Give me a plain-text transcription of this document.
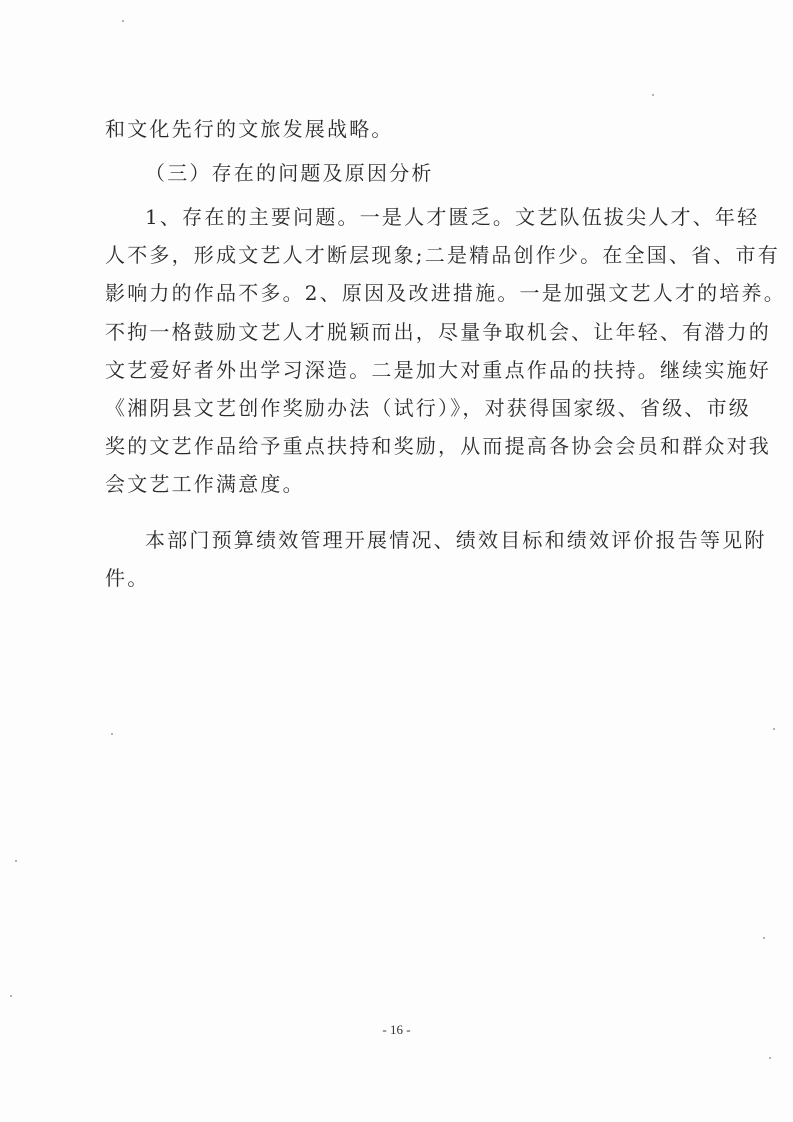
和文化先行的文旅发展战略。
（三）存在的问题及原因分析
1、存在的主要问题。一是人才匮乏。文艺队伍拔尖人才、年轻
人不多，形成文艺人才断层现象;二是精品创作少。在全国、省、市有
影响力的作品不多。2、原因及改进措施。一是加强文艺人才的培养。
不拘一格鼓励文艺人才脱颖而出，尽量争取机会、让年轻、有潜力的
文艺爱好者外出学习深造。二是加大对重点作品的扶持。继续实施好
《湘阴县文艺创作奖励办法（试行）》，对获得国家级、省级、市级
奖的文艺作品给予重点扶持和奖励，从而提高各协会会员和群众对我
会文艺工作满意度。
本部门预算绩效管理开展情况、绩效目标和绩效评价报告等见附
件。
- 16 -
